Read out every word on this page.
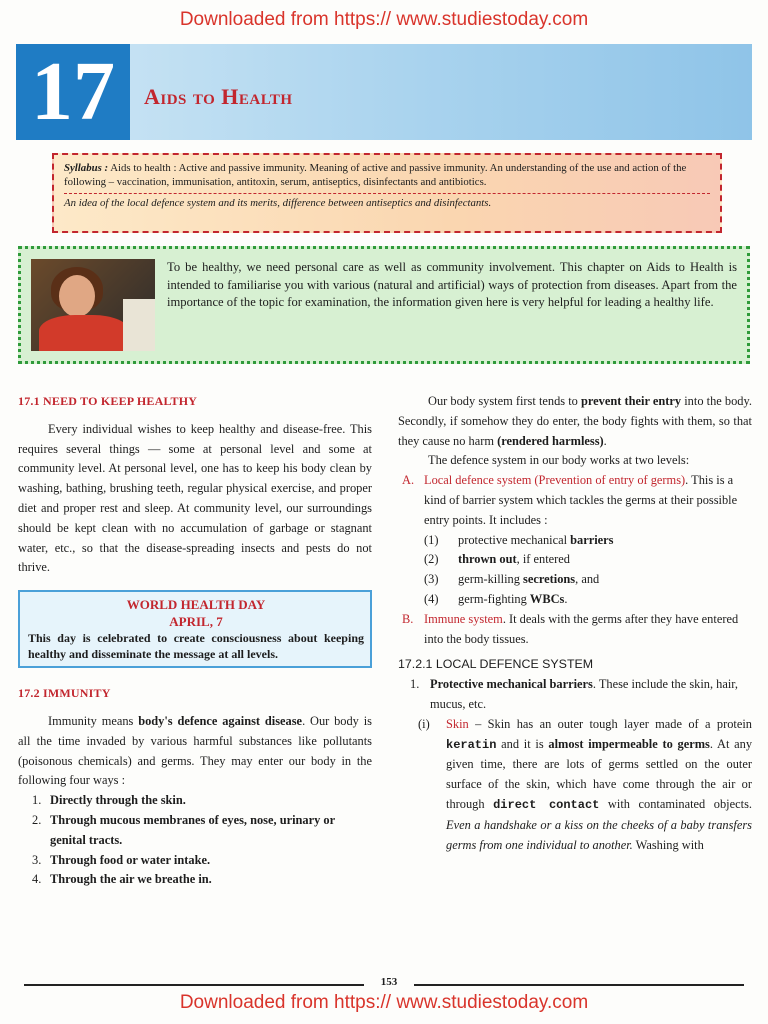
Downloaded from https:// www.studiestoday.com
17	Aids to Health

Syllabus : Aids to health : Active and passive immunity. Meaning of active and passive immunity. An understanding of the use and action of the following – vaccination, immunisation, antitoxin, serum, antiseptics, disinfectants and antibiotics.

An idea of the local defence system and its merits, difference between antiseptics and disinfectants.

To be healthy, we need personal care as well as community involvement. This chapter on Aids to Health is intended to familiarise you with various (natural and artificial) ways of protection from diseases. Apart from the importance of the topic for examination, the information given here is very helpful for leading a healthy life.
17.1 NEED TO KEEP HEALTHY

Every individual wishes to keep healthy and disease-free. This requires several things — some at personal level and some at community level. At personal level, one has to keep his body clean by washing, bathing, brushing teeth, regular physical exercise, and proper diet and proper rest and sleep. At community level, our surroundings should be kept clean with no accumulation of garbage or stagnant water, etc., so that the disease-spreading insects and pests do not thrive.

WORLD HEALTH DAY
APRIL, 7
This day is celebrated to create consciousness about keeping healthy and disseminate the message at all levels.
17.2 IMMUNITY

Immunity means body's defence against disease. Our body is all the time invaded by various harmful substances like pollutants (poisonous chemicals) and germs. They may enter our body in the following four ways :

1. Directly through the skin.
2. Through mucous membranes of eyes, nose, urinary or genital tracts.
3. Through food or water intake.
4. Through the air we breathe in.

Our body system first tends to prevent their entry into the body. Secondly, if somehow they do enter, the body fights with them, so that they cause no harm (rendered harmless).

The defence system in our body works at two levels:

A. Local defence system (Prevention of entry of germs). This is a kind of barrier system which tackles the germs at their possible entry points. It includes :
(1) protective mechanical barriers
(2) thrown out, if entered
(3) germ-killing secretions, and
(4) germ-fighting WBCs.
B. Immune system. It deals with the germs after they have entered into the body tissues.
17.2.1 LOCAL DEFENCE SYSTEM
1. Protective mechanical barriers. These include the skin, hair, mucus, etc.
(i) Skin – Skin has an outer tough layer made of a protein keratin and it is almost impermeable to germs. At any given time, there are lots of germs settled on the outer surface of the skin, which have come through the air or through direct contact with contaminated objects. Even a handshake or a kiss on the cheeks of a baby transfers germs from one individual to another. Washing with
153
Downloaded from https:// www.studiestoday.com
